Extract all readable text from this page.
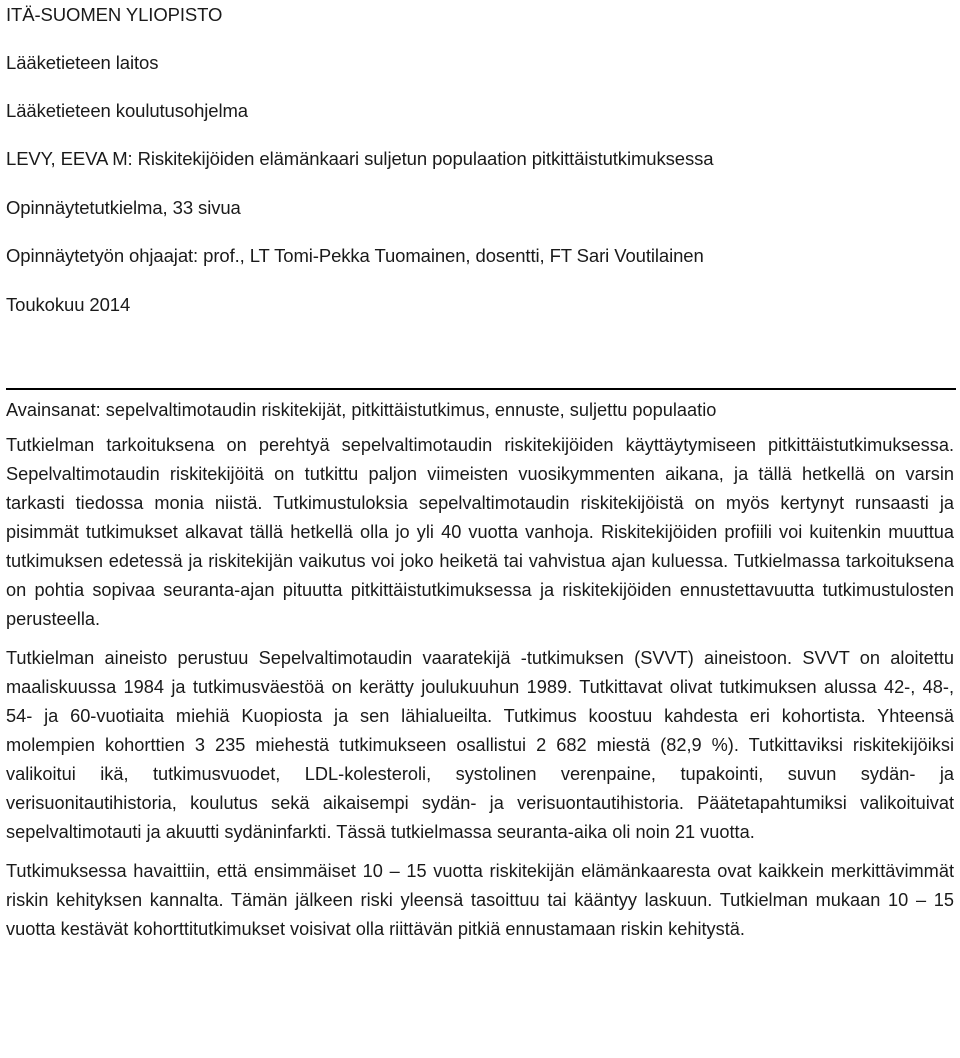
ITÄ-SUOMEN YLIOPISTO
Lääketieteen laitos
Lääketieteen koulutusohjelma
LEVY, EEVA M: Riskitekijöiden elämänkaari suljetun populaation pitkittäistutkimuksessa
Opinnäytetutkielma, 33 sivua
Opinnäytetyön ohjaajat: prof., LT Tomi-Pekka Tuomainen, dosentti, FT Sari Voutilainen
Toukokuu 2014

Avainsanat: sepelvaltimotaudin riskitekijät, pitkittäistutkimus, ennuste, suljettu populaatio

Tutkielman tarkoituksena on perehtyä sepelvaltimotaudin riskitekijöiden käyttäytymiseen pitkittäistutkimuksessa. Sepelvaltimotaudin riskitekijöitä on tutkittu paljon viimeisten vuosikymmenten aikana, ja tällä hetkellä on varsin tarkasti tiedossa monia niistä. Tutkimustuloksia sepelvaltimotaudin riskitekijöistä on myös kertynyt runsaasti ja pisimmät tutkimukset alkavat tällä hetkellä olla jo yli 40 vuotta vanhoja. Riskitekijöiden profiili voi kuitenkin muuttua tutkimuksen edetessä ja riskitekijän vaikutus voi joko heiketä tai vahvistua ajan kuluessa. Tutkielmassa tarkoituksena on pohtia sopivaa seuranta-ajan pituutta pitkittäistutkimuksessa ja riskitekijöiden ennustettavuutta tutkimustulosten perusteella.

Tutkielman aineisto perustuu Sepelvaltimotaudin vaaratekijä -tutkimuksen (SVVT) aineistoon. SVVT on aloitettu maaliskuussa 1984 ja tutkimusväestöä on kerätty joulukuuhun 1989. Tutkittavat olivat tutkimuksen alussa 42-, 48-, 54- ja 60-vuotiaita miehiä Kuopiosta ja sen lähialueilta. Tutkimus koostuu kahdesta eri kohortista. Yhteensä molempien kohorttien 3 235 miehestä tutkimukseen osallistui 2 682 miestä (82,9 %). Tutkittaviksi riskitekijöiksi valikoitui ikä, tutkimusvuodet, LDL-kolesteroli, systolinen verenpaine, tupakointi, suvun sydän- ja verisuonitautihistoria, koulutus sekä aikaisempi sydän- ja verisuontautihistoria. Päätetapahtumiksi valikoituivat sepelvaltimotauti ja akuutti sydäninfarkti. Tässä tutkielmassa seuranta-aika oli noin 21 vuotta.

Tutkimuksessa havaittiin, että ensimmäiset 10 – 15 vuotta riskitekijän elämänkaaresta ovat kaikkein merkittävimmät riskin kehityksen kannalta. Tämän jälkeen riski yleensä tasoittuu tai kääntyy laskuun. Tutkielman mukaan 10 – 15 vuotta kestävät kohorttitutkimukset voisivat olla riittävän pitkiä ennustamaan riskin kehitystä.
